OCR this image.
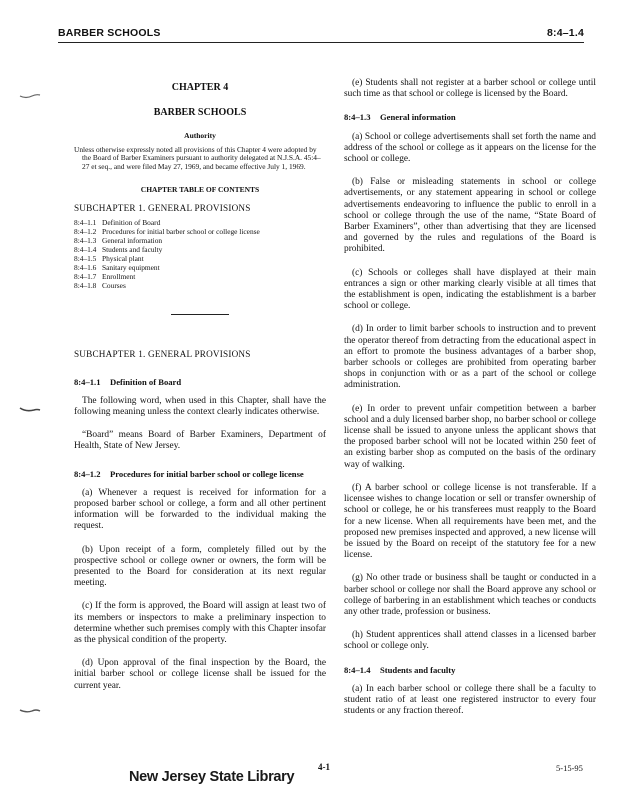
BARBER SCHOOLS	8:4–1.4
CHAPTER 4
BARBER SCHOOLS
Authority
Unless otherwise expressly noted all provisions of this Chapter 4 were adopted by the Board of Barber Examiners pursuant to authority delegated at N.J.S.A. 45:4–27 et seq., and were filed May 27, 1969, and became effective July 1, 1969.
CHAPTER TABLE OF CONTENTS
SUBCHAPTER 1. GENERAL PROVISIONS
8:4–1.1 Definition of Board
8:4–1.2 Procedures for initial barber school or college license
8:4–1.3 General information
8:4–1.4 Students and faculty
8:4–1.5 Physical plant
8:4–1.6 Sanitary equipment
8:4–1.7 Enrollment
8:4–1.8 Courses
SUBCHAPTER 1. GENERAL PROVISIONS
8:4–1.1 Definition of Board

The following word, when used in this Chapter, shall have the following meaning unless the context clearly indicates otherwise.

“Board” means Board of Barber Examiners, Department of Health, State of New Jersey.

8:4–1.2 Procedures for initial barber school or college license

(a) Whenever a request is received for information for a proposed barber school or college, a form and all other pertinent information will be forwarded to the individual making the request.

(b) Upon receipt of a form, completely filled out by the prospective school or college owner or owners, the form will be presented to the Board for consideration at its next regular meeting.

(c) If the form is approved, the Board will assign at least two of its members or inspectors to make a preliminary inspection to determine whether such premises comply with this Chapter insofar as the physical condition of the property.

(d) Upon approval of the final inspection by the Board, the initial barber school or college license shall be issued for the current year.

(e) Students shall not register at a barber school or college until such time as that school or college is licensed by the Board.

8:4–1.3 General information

(a) School or college advertisements shall set forth the name and address of the school or college as it appears on the license for the school or college.

(b) False or misleading statements in school or college advertisements, or any statement appearing in school or college advertisements endeavoring to influence the public to enroll in a school or college through the use of the name, “State Board of Barber Examiners”, other than advertising that they are licensed and governed by the rules and regulations of the Board is prohibited.

(c) Schools or colleges shall have displayed at their main entrances a sign or other marking clearly visible at all times that the establishment is open, indicating the establishment is a barber school or college.

(d) In order to limit barber schools to instruction and to prevent the operator thereof from detracting from the educational aspect in an effort to promote the business advantages of a barber shop, barber schools or colleges are prohibited from operating barber shops in conjunction with or as a part of the school or college administration.

(e) In order to prevent unfair competition between a barber school and a duly licensed barber shop, no barber school or college license shall be issued to anyone unless the applicant shows that the proposed barber school will not be located within 250 feet of an existing barber shop as computed on the basis of the ordinary way of walking.

(f) A barber school or college license is not transferable. If a licensee wishes to change location or sell or transfer ownership of school or college, he or his transferees must reapply to the Board for a new license. When all requirements have been met, and the proposed new premises inspected and approved, a new license will be issued by the Board on receipt of the statutory fee for a new license.

(g) No other trade or business shall be taught or conducted in a barber school or college nor shall the Board approve any school or college of barbering in an establishment which teaches or conducts any other trade, profession or business.

(h) Student apprentices shall attend classes in a licensed barber school or college only.

8:4–1.4 Students and faculty

(a) In each barber school or college there shall be a faculty to student ratio of at least one registered instructor to every four students or any fraction thereof.

4-1	5-15-95
New Jersey State Library
